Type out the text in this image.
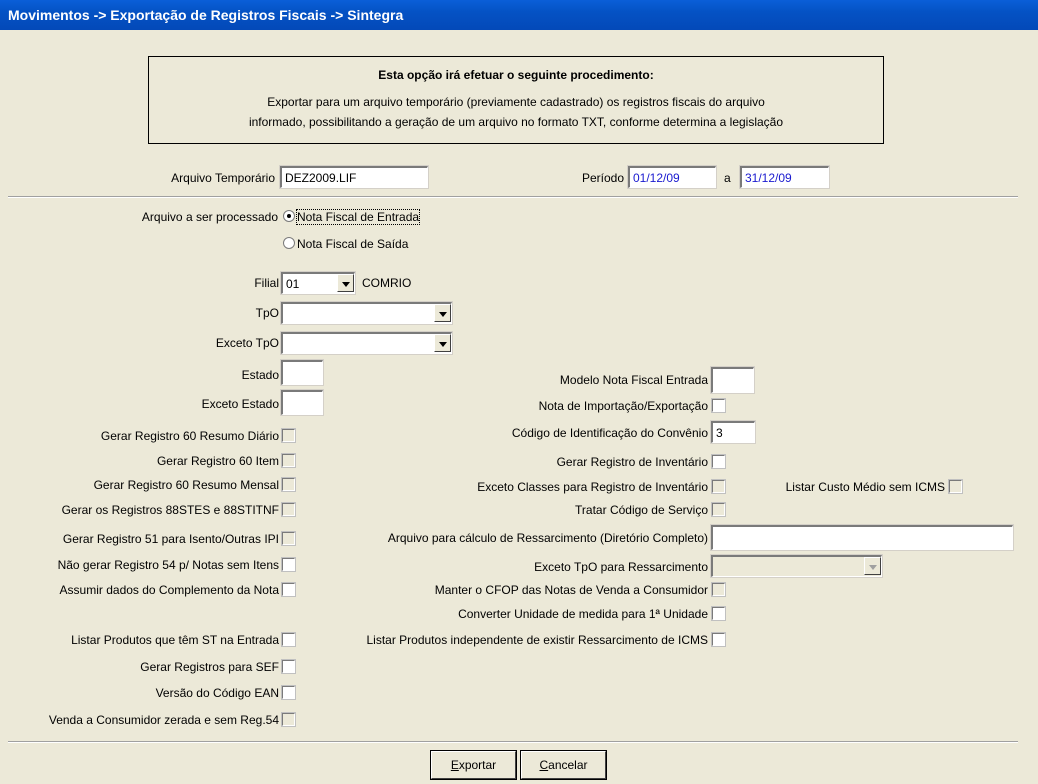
Movimentos -> Exportação de Registros Fiscais -> Sintegra
Esta opção irá efetuar o seguinte procedimento:
Exportar para um arquivo temporário (previamente cadastrado) os registros fiscais do arquivo
informado, possibilitando a geração de um arquivo no formato TXT, conforme determina a legislação
Arquivo Temporário DEZ2009.LIF	Período 01/12/09	a	31/12/09
Arquivo a ser processado Nota Fiscal de Entrada
Nota Fiscal de Saída
Filial 01	COMRIO
TpO
Exceto TpO
Estado
Exceto Estado
Gerar Registro 60 Resumo Diário
Gerar Registro 60 Item
Gerar Registro 60 Resumo Mensal
Gerar os Registros 88STES e 88STITNF
Gerar Registro 51 para Isento/Outras IPI
Não gerar Registro 54 p/ Notas sem Itens
Assumir dados do Complemento da Nota
Listar Produtos que têm ST na Entrada
Gerar Registros para SEF
Versão do Código EAN
Venda a Consumidor zerada e sem Reg.54
Modelo Nota Fiscal Entrada
Nota de Importação/Exportação
Código de Identificação do Convênio 3
Gerar Registro de Inventário
Exceto Classes para Registro de Inventário	Listar Custo Médio sem ICMS
Tratar Código de Serviço
Arquivo para cálculo de Ressarcimento (Diretório Completo)
Exceto TpO para Ressarcimento
Manter o CFOP das Notas de Venda a Consumidor
Converter Unidade de medida para 1ª Unidade
Listar Produtos independente de existir Ressarcimento de ICMS
Exportar	Cancelar
